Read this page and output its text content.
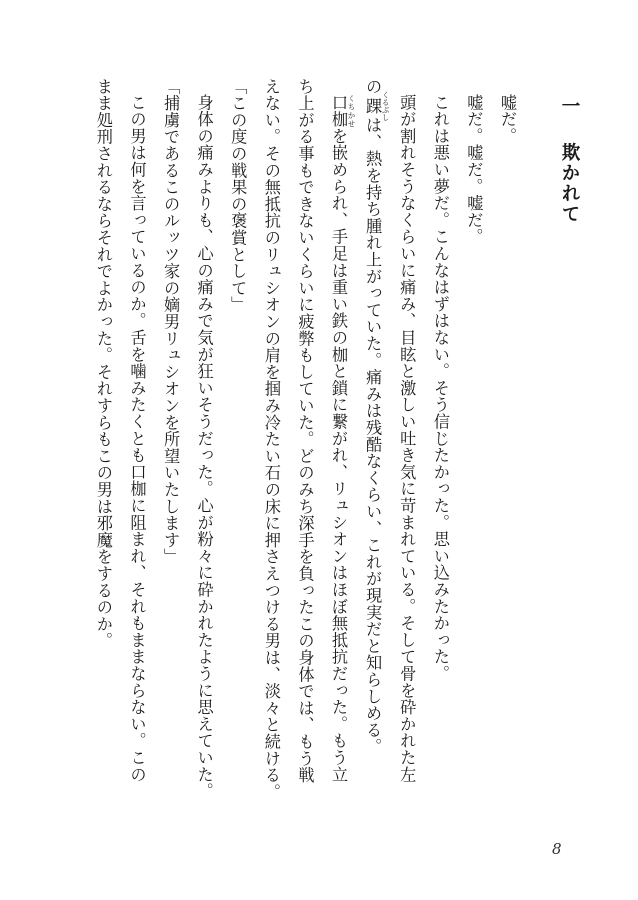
一欺かれて
嘘だ。
嘘だ。嘘だ。嘘だ。
これは悪い夢だ。こんなはずはない。そう信じたかった。思い込みたかった。
頭が割れそうなくらいに痛み、目眩と激しい吐き気に苛まれている。そして骨を砕かれた左
の踝 くるぶしは、熱を持ち腫れ上がっていた。痛みは残酷なくらい、これが現実だと知らしめる。
口枷 くちかせを嵌められ、手足は重い鉄の枷と鎖に繋がれ、リュシオンはほぼ無抵抗だった。もう立
ち上がる事もできないくらいに疲弊もしていた。どのみち深手を負ったこの身体では、もう戦
えない。その無抵抗のリュシオンの肩を掴み冷たい石の床に押さえつける男は、淡々と続ける。
「この度の戦果の褒賞として」
身体の痛みよりも、心の痛みで気が狂いそうだった。心が粉々に砕かれたように思えていた。
「捕虜であるこのルッツ家の嫡男リュシオンを所望いたします」
この男は何を言っているのか。舌を噛みたくとも口枷に阻まれ、それもままならない。この
まま処刑されるならそれでよかった。それすらもこの男は邪魔をするのか。
8
